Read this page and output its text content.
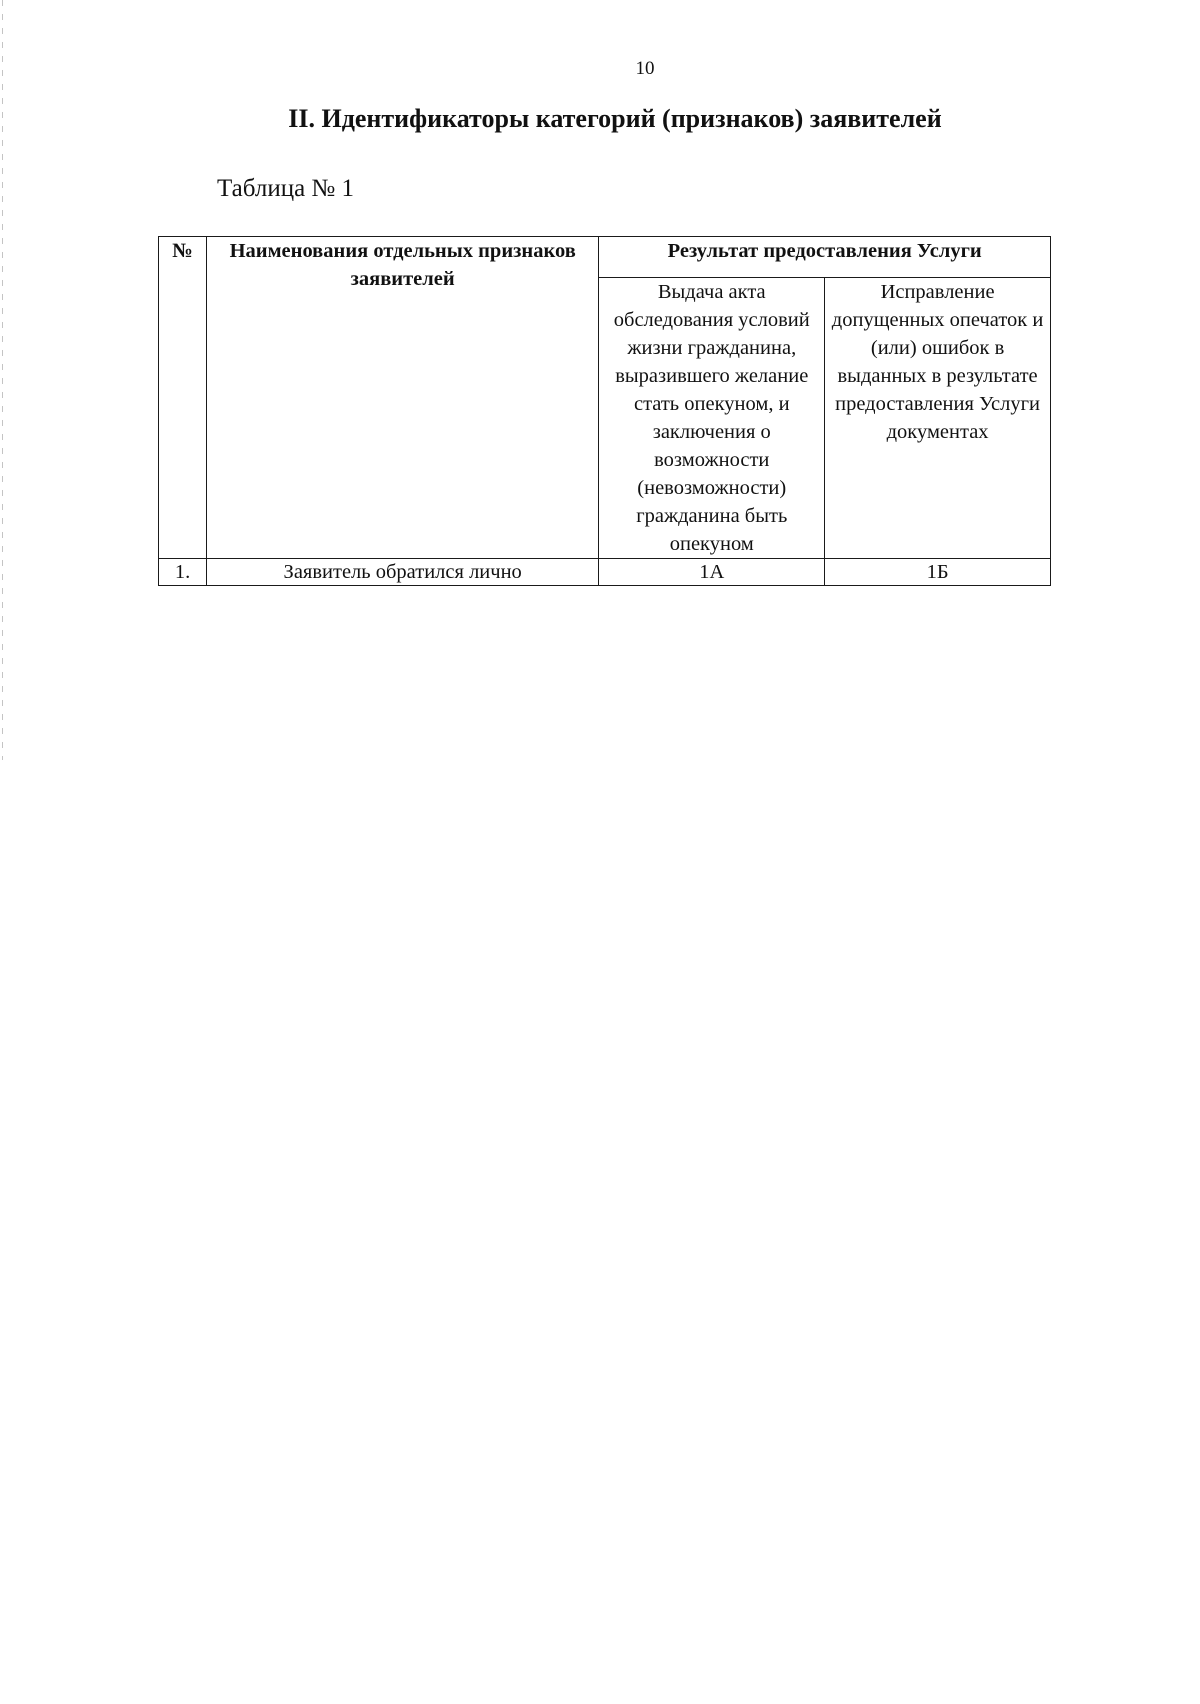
10
II. Идентификаторы категорий (признаков) заявителей
Таблица № 1
№	Наименования отдельных признаков заявителей	Результат предоставления Услуги	
		Выдача акта обследования условий жизни гражданина, выразившего желание стать опекуном, и заключения о возможности (невозможности) гражданина быть опекуном	Исправление допущенных опечаток и (или) ошибок в выданных в результате предоставления Услуги документах
1.	Заявитель обратился лично	1А	1Б
